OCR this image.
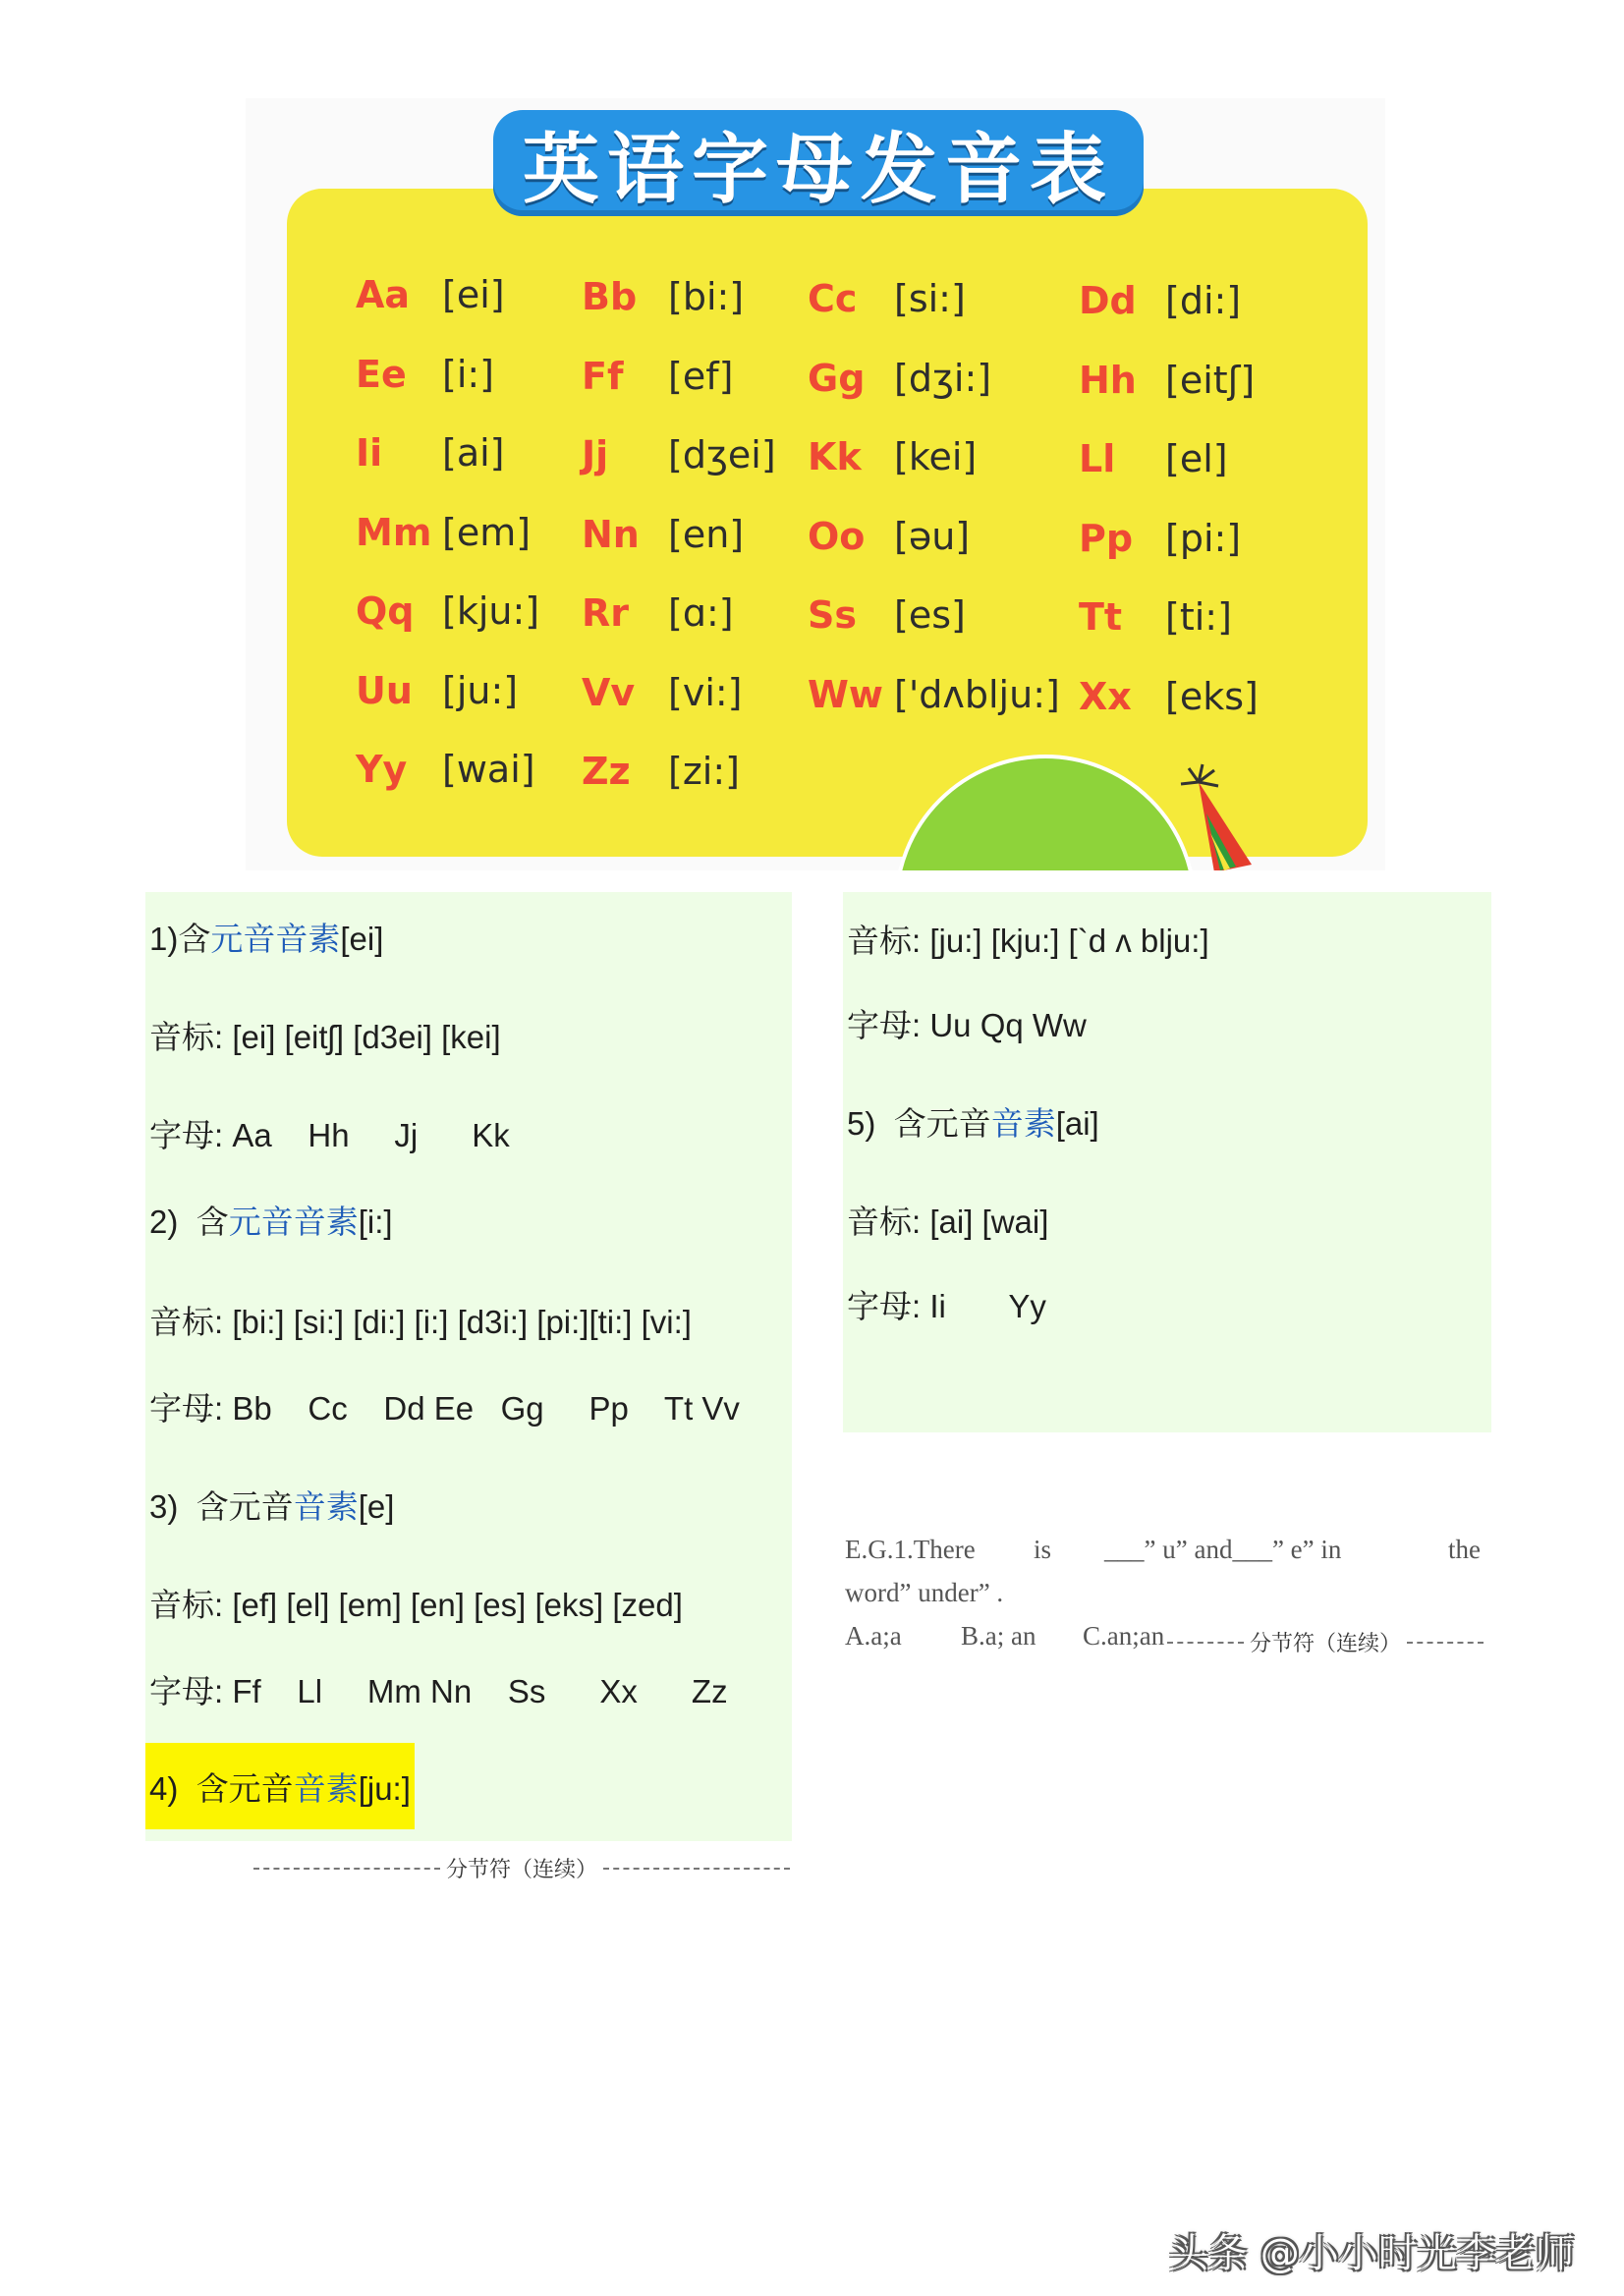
英语字母发音表
Aa [ei] Bb [bi:] Cc [si:]	Dd [di:]
Ee [i:] Ff	[ef] Gg [dʒi:] Hh [eitʃ]
Ii	[ai] Jj	[dʒei] Kk [kei]	Ll	[el]
Mm [em] Nn [en] Oo [əu]	Pp [pi:]
Qq [kju:] Rr	[ɑ:] Ss	[es]	Tt	[ti:]
Uu [ju:] Vv [vi:] Ww ['dʌblju:] Xx [eks]
Yy [wai] Zz	[zi:]
1)含元音音素[ei]
音标: [ei] [eitʃ] [d3ei] [kei]
字母: Aa    Hh     Jj      Kk
2)  含元音音素[i:]
音标: [bi:] [si:] [di:] [i:] [d3i:] [pi:][ti:] [vi:]
字母: Bb    Cc    Dd Ee   Gg     Pp    Tt Vv
3)  含元音音素[e]
音标: [ef] [el] [em] [en] [es] [eks] [zed]
字母: Ff    Ll     Mm Nn    Ss      Xx      Zz
4)  含元音音素[ju:]
分节符（连续）
音标: [ju:] [kju:] [`d ʌ blju:]
字母: Uu Qq Ww
5)  含元音音素[ai]
音标: [ai] [wai]
字母: Ii       Yy
E.G.1.There is ___” u” and___” e” in	the
word” under” .
A.a;a B.a; an C.an;an	分节符（连续）
头条 @小小时光李老师
